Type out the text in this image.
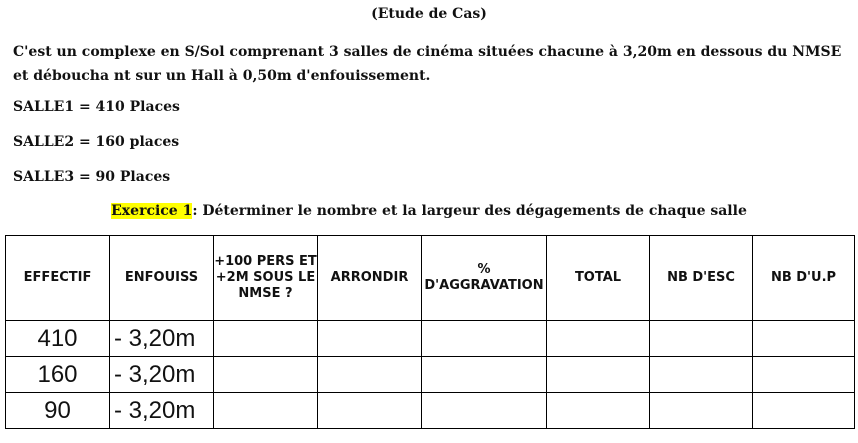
(Etude de Cas)
C'est un complexe en S/Sol comprenant 3 salles de cinéma situées chacune à 3,20m en dessous du NMSE et déboucha nt sur un Hall à 0,50m d'enfouissement.
SALLE1 = 410 Places
SALLE2 = 160 places
SALLE3 = 90 Places
Exercice 1: Déterminer le nombre et la largeur des dégagements de chaque salle
EFFECTIF	ENFOUISS	+100 PERS ET +2M SOUS LE NMSE ?	ARRONDIR	% D'AGGRAVATION	TOTAL	NB D'ESC	NB D'U.P
410	- 3,20m						
160	- 3,20m						
90	- 3,20m						
